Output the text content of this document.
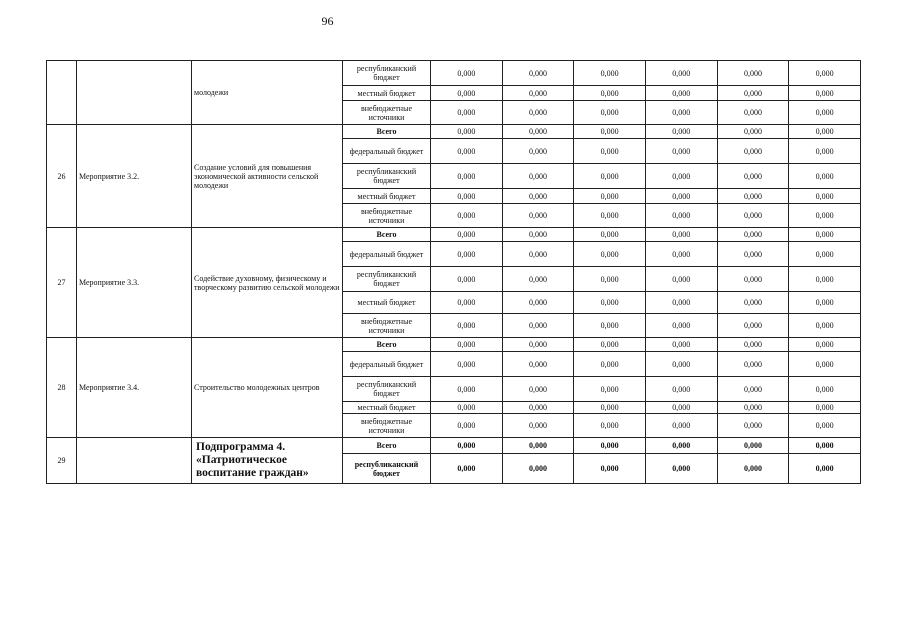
96
		молодежи	республиканский бюджет	0,000	0,000	0,000	0,000	0,000	0,000
			местный бюджет	0,000	0,000	0,000	0,000	0,000	0,000
			внебюджетные источники	0,000	0,000	0,000	0,000	0,000	0,000
26	Мероприятие 3.2.	Создание условий для повышения экономической активности сельской молодежи	Всего	0,000	0,000	0,000	0,000	0,000	0,000
			федеральный бюджет	0,000	0,000	0,000	0,000	0,000	0,000
			республиканский бюджет	0,000	0,000	0,000	0,000	0,000	0,000
			местный бюджет	0,000	0,000	0,000	0,000	0,000	0,000
			внебюджетные источники	0,000	0,000	0,000	0,000	0,000	0,000
27	Мероприятие 3.3.	Содействие духовному, физическому и творческому развитию сельской молодежи	Всего	0,000	0,000	0,000	0,000	0,000	0,000
			федеральный бюджет	0,000	0,000	0,000	0,000	0,000	0,000
			республиканский бюджет	0,000	0,000	0,000	0,000	0,000	0,000
			местный бюджет	0,000	0,000	0,000	0,000	0,000	0,000
			внебюджетные источники	0,000	0,000	0,000	0,000	0,000	0,000
28	Мероприятие 3.4.	Строительство молодежных центров	Всего	0,000	0,000	0,000	0,000	0,000	0,000
			федеральный бюджет	0,000	0,000	0,000	0,000	0,000	0,000
			республиканский бюджет	0,000	0,000	0,000	0,000	0,000	0,000
			местный бюджет	0,000	0,000	0,000	0,000	0,000	0,000
			внебюджетные источники	0,000	0,000	0,000	0,000	0,000	0,000
29		Подпрограмма 4. «Патриотическое воспитание граждан»	Всего	0,000	0,000	0,000	0,000	0,000	0,000
			республиканский бюджет	0,000	0,000	0,000	0,000	0,000	0,000
